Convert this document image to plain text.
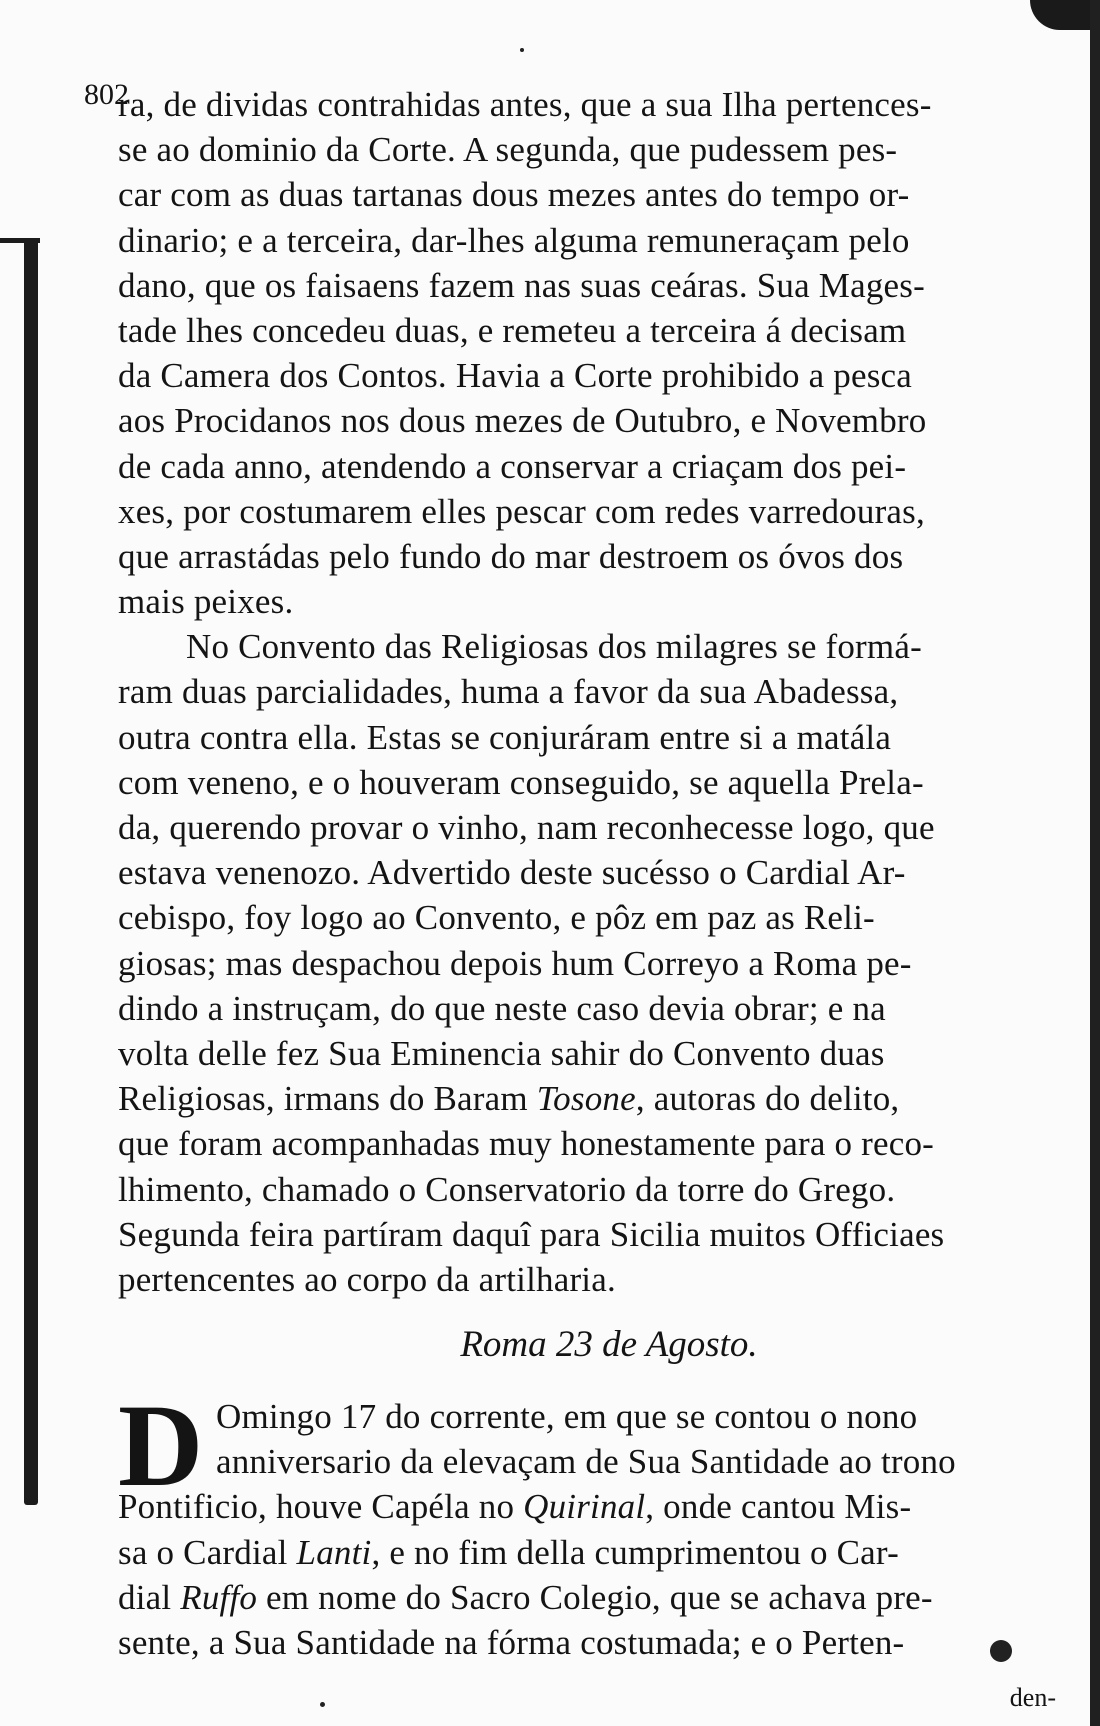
802
ra, de dividas contrahidas antes, que a sua Ilha pertences-
se ao dominio da Corte. A segunda, que pudessem pes-
car com as duas tartanas dous mezes antes do tempo or-
dinario; e a terceira, dar-lhes alguma remuneraçam pelo
dano, que os faisaens fazem nas suas ceáras. Sua Mages-
tade lhes concedeu duas, e remeteu a terceira á decisam
da Camera dos Contos. Havia a Corte prohibido a pesca
aos Procidanos nos dous mezes de Outubro, e Novembro
de cada anno, atendendo a conservar a criaçam dos pei-
xes, por costumarem elles pescar com redes varredouras,
que arrastádas pelo fundo do mar destroem os óvos dos
mais peixes.
No Convento das Religiosas dos milagres se formá-
ram duas parcialidades, huma a favor da sua Abadessa,
outra contra ella. Estas se conjuráram entre si a matála
com veneno, e o houveram conseguido, se aquella Prela-
da, querendo provar o vinho, nam reconhecesse logo, que
estava venenozo. Advertido deste sucésso o Cardial Ar-
cebispo, foy logo ao Convento, e pôz em paz as Reli-
giosas; mas despachou depois hum Correyo a Roma pe-
dindo a instruçam, do que neste caso devia obrar; e na
volta delle fez Sua Eminencia sahir do Convento duas
Religiosas, irmans do Baram Tosone, autoras do delito,
que foram acompanhadas muy honestamente para o reco-
lhimento, chamado o Conservatorio da torre do Grego.
Segunda feira partíram daquî para Sicilia muitos Officiaes
pertencentes ao corpo da artilharia.
Roma 23 de Agosto.
D Omingo 17 do corrente, em que se contou o nono
anniversario da elevaçam de Sua Santidade ao trono
Pontificio, houve Capéla no Quirinal, onde cantou Mis-
sa o Cardial Lanti, e no fim della cumprimentou o Car-
dial Ruffo em nome do Sacro Colegio, que se achava pre-
sente, a Sua Santidade na fórma costumada; e o Perten-
den-
